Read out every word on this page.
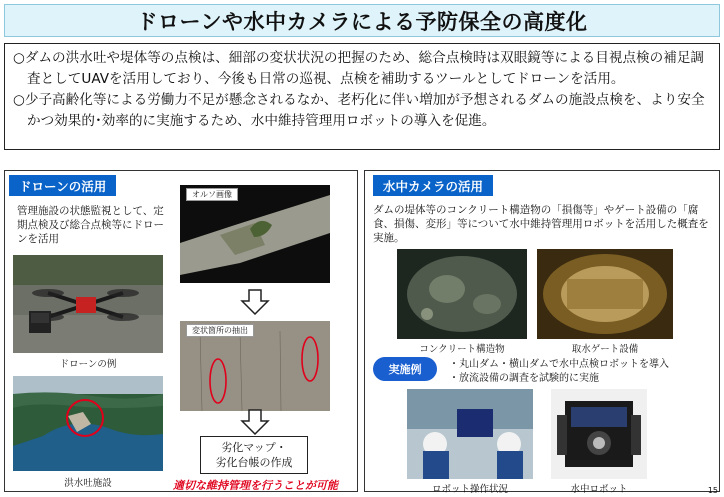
ドローンや水中カメラによる予防保全の高度化

○ダムの洪水吐や堤体等の点検は、細部の変状状況の把握のため、総合点検時は双眼鏡等による目視点検の補足調査としてUAVを活用しており、今後も日常の巡視、点検を補助するツールとしてドローンを活用。

○少子高齢化等による労働力不足が懸念されるなか、老朽化に伴い増加が予想されるダムの施設点検を、より安全かつ効果的･効率的に実施するため、水中維持管理用ロボットの導入を促進。

ドローンの活用
管理施設の状態監視として、定期点検及び総合点検等にドローンを活用
ドローンの例
洪水吐施設
オルソ画像
変状箇所の抽出
劣化マップ・
劣化台帳の作成
適切な維持管理を行うことが可能
水中カメラの活用
ダムの堤体等のコンクリート構造物の「損傷等」やゲート設備の「腐食、損傷、変形」等について水中維持管理用ロボットを活用した概査を実施。
コンクリート構造物	取水ゲート設備
実施例	・丸山ダム・横山ダムで水中点検ロボットを導入
・放流設備の調査を試験的に実施
ロボット操作状況	水中ロボット	15
